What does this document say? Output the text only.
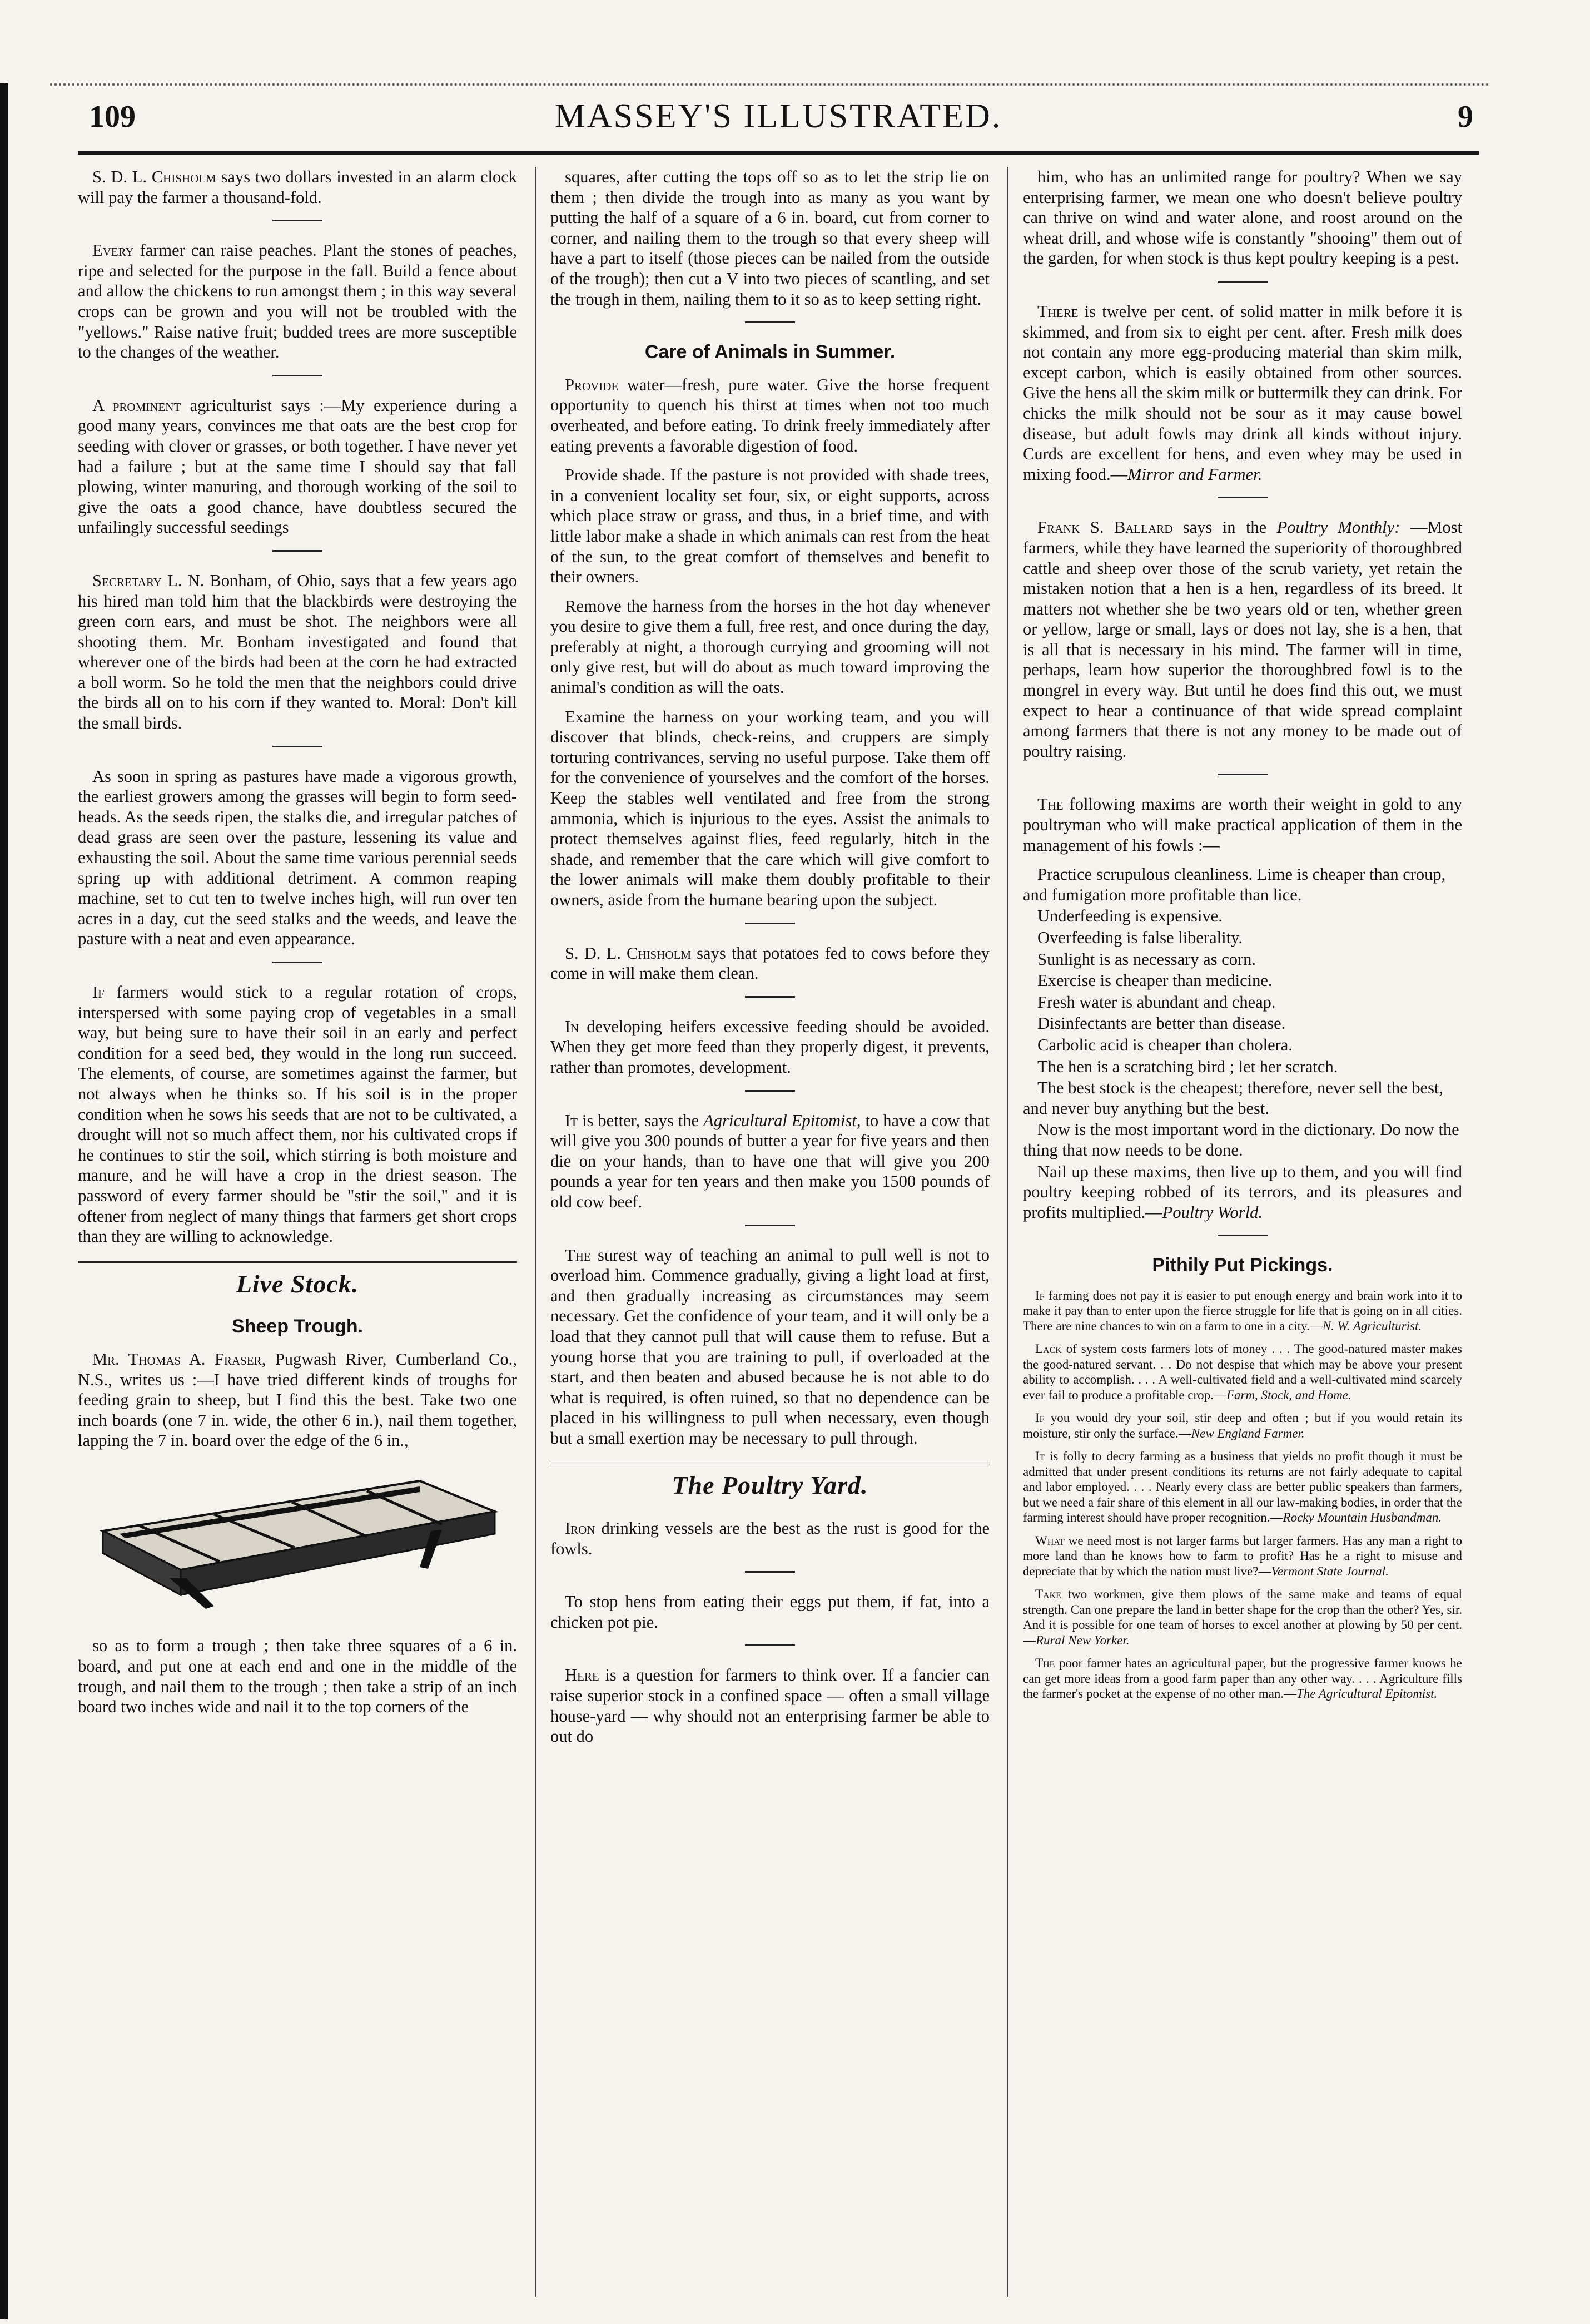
109	MASSEY'S ILLUSTRATED.	9

S. D. L. Chisholm says two dollars invested in an alarm clock will pay the farmer a thousand-fold.

Every farmer can raise peaches. Plant the stones of peaches, ripe and selected for the purpose in the fall. Build a fence about and allow the chickens to run amongst them ; in this way several crops can be grown and you will not be troubled with the "yellows." Raise native fruit; budded trees are more susceptible to the changes of the weather.

A prominent agriculturist says :—My experience during a good many years, convinces me that oats are the best crop for seeding with clover or grasses, or both together. I have never yet had a failure ; but at the same time I should say that fall plowing, winter manuring, and thorough working of the soil to give the oats a good chance, have doubtless secured the unfailingly successful seedings

Secretary L. N. Bonham, of Ohio, says that a few years ago his hired man told him that the blackbirds were destroying the green corn ears, and must be shot. The neighbors were all shooting them. Mr. Bonham investigated and found that wherever one of the birds had been at the corn he had extracted a boll worm. So he told the men that the neighbors could drive the birds all on to his corn if they wanted to. Moral: Don't kill the small birds.

As soon in spring as pastures have made a vigorous growth, the earliest growers among the grasses will begin to form seed-heads. As the seeds ripen, the stalks die, and irregular patches of dead grass are seen over the pasture, lessening its value and exhausting the soil. About the same time various perennial seeds spring up with additional detriment. A common reaping machine, set to cut ten to twelve inches high, will run over ten acres in a day, cut the seed stalks and the weeds, and leave the pasture with a neat and even appearance.

If farmers would stick to a regular rotation of crops, interspersed with some paying crop of vegetables in a small way, but being sure to have their soil in an early and perfect condition for a seed bed, they would in the long run succeed. The elements, of course, are sometimes against the farmer, but not always when he thinks so. If his soil is in the proper condition when he sows his seeds that are not to be cultivated, a drought will not so much affect them, nor his cultivated crops if he continues to stir the soil, which stirring is both moisture and manure, and he will have a crop in the driest season. The password of every farmer should be "stir the soil," and it is oftener from neglect of many things that farmers get short crops than they are willing to acknowledge.

Live Stock.
Sheep Trough.

Mr. Thomas A. Fraser, Pugwash River, Cumberland Co., N.S., writes us :—I have tried different kinds of troughs for feeding grain to sheep, but I find this the best. Take two one inch boards (one 7 in. wide, the other 6 in.), nail them together, lapping the 7 in. board over the edge of the 6 in.,

so as to form a trough ; then take three squares of a 6 in. board, and put one at each end and one in the middle of the trough, and nail them to the trough ; then take a strip of an inch board two inches wide and nail it to the top corners of the

squares, after cutting the tops off so as to let the strip lie on them ; then divide the trough into as many as you want by putting the half of a square of a 6 in. board, cut from corner to corner, and nailing them to the trough so that every sheep will have a part to itself (those pieces can be nailed from the outside of the trough); then cut a V into two pieces of scantling, and set the trough in them, nailing them to it so as to keep setting right.

Care of Animals in Summer.

Provide water—fresh, pure water. Give the horse frequent opportunity to quench his thirst at times when not too much overheated, and before eating. To drink freely immediately after eating prevents a favorable digestion of food.

Provide shade. If the pasture is not provided with shade trees, in a convenient locality set four, six, or eight supports, across which place straw or grass, and thus, in a brief time, and with little labor make a shade in which animals can rest from the heat of the sun, to the great comfort of themselves and benefit to their owners.

Remove the harness from the horses in the hot day whenever you desire to give them a full, free rest, and once during the day, preferably at night, a thorough currying and grooming will not only give rest, but will do about as much toward improving the animal's condition as will the oats.

Examine the harness on your working team, and you will discover that blinds, check-reins, and cruppers are simply torturing contrivances, serving no useful purpose. Take them off for the convenience of yourselves and the comfort of the horses. Keep the stables well ventilated and free from the strong ammonia, which is injurious to the eyes. Assist the animals to protect themselves against flies, feed regularly, hitch in the shade, and remember that the care which will give comfort to the lower animals will make them doubly profitable to their owners, aside from the humane bearing upon the subject.

S. D. L. Chisholm says that potatoes fed to cows before they come in will make them clean.

In developing heifers excessive feeding should be avoided. When they get more feed than they properly digest, it prevents, rather than promotes, development.

It is better, says the Agricultural Epitomist, to have a cow that will give you 300 pounds of butter a year for five years and then die on your hands, than to have one that will give you 200 pounds a year for ten years and then make you 1500 pounds of old cow beef.

The surest way of teaching an animal to pull well is not to overload him. Commence gradually, giving a light load at first, and then gradually increasing as circumstances may seem necessary. Get the confidence of your team, and it will only be a load that they cannot pull that will cause them to refuse. But a young horse that you are training to pull, if overloaded at the start, and then beaten and abused because he is not able to do what is required, is often ruined, so that no dependence can be placed in his willingness to pull when necessary, even though but a small exertion may be necessary to pull through.

The Poultry Yard.

Iron drinking vessels are the best as the rust is good for the fowls.

To stop hens from eating their eggs put them, if fat, into a chicken pot pie.

Here is a question for farmers to think over. If a fancier can raise superior stock in a confined space — often a small village house-yard — why should not an enterprising farmer be able to out do

him, who has an unlimited range for poultry? When we say enterprising farmer, we mean one who doesn't believe poultry can thrive on wind and water alone, and roost around on the wheat drill, and whose wife is constantly "shooing" them out of the garden, for when stock is thus kept poultry keeping is a pest.

There is twelve per cent. of solid matter in milk before it is skimmed, and from six to eight per cent. after. Fresh milk does not contain any more egg-producing material than skim milk, except carbon, which is easily obtained from other sources. Give the hens all the skim milk or buttermilk they can drink. For chicks the milk should not be sour as it may cause bowel disease, but adult fowls may drink all kinds without injury. Curds are excellent for hens, and even whey may be used in mixing food.—Mirror and Farmer.

Frank S. Ballard says in the Poultry Monthly: —Most farmers, while they have learned the superiority of thoroughbred cattle and sheep over those of the scrub variety, yet retain the mistaken notion that a hen is a hen, regardless of its breed. It matters not whether she be two years old or ten, whether green or yellow, large or small, lays or does not lay, she is a hen, that is all that is necessary in his mind. The farmer will in time, perhaps, learn how superior the thoroughbred fowl is to the mongrel in every way. But until he does find this out, we must expect to hear a continuance of that wide spread complaint among farmers that there is not any money to be made out of poultry raising.

The following maxims are worth their weight in gold to any poultryman who will make practical application of them in the management of his fowls :—

Practice scrupulous cleanliness. Lime is cheaper than croup, and fumigation more profitable than lice.

Underfeeding is expensive.

Overfeeding is false liberality.

Sunlight is as necessary as corn.

Exercise is cheaper than medicine.

Fresh water is abundant and cheap.

Disinfectants are better than disease.

Carbolic acid is cheaper than cholera.

The hen is a scratching bird ; let her scratch.

The best stock is the cheapest; therefore, never sell the best, and never buy anything but the best.

Now is the most important word in the dictionary. Do now the thing that now needs to be done.

Nail up these maxims, then live up to them, and you will find poultry keeping robbed of its terrors, and its pleasures and profits multiplied.—Poultry World.

Pithily Put Pickings.

If farming does not pay it is easier to put enough energy and brain work into it to make it pay than to enter upon the fierce struggle for life that is going on in all cities. There are nine chances to win on a farm to one in a city.—N. W. Agriculturist.

Lack of system costs farmers lots of money . . . The good-natured master makes the good-natured servant. . . Do not despise that which may be above your present ability to accomplish. . . . A well-cultivated field and a well-cultivated mind scarcely ever fail to produce a profitable crop.—Farm, Stock, and Home.

If you would dry your soil, stir deep and often ; but if you would retain its moisture, stir only the surface.—New England Farmer.

It is folly to decry farming as a business that yields no profit though it must be admitted that under present conditions its returns are not fairly adequate to capital and labor employed. . . . Nearly every class are better public speakers than farmers, but we need a fair share of this element in all our law-making bodies, in order that the farming interest should have proper recognition.—Rocky Mountain Husbandman.

What we need most is not larger farms but larger farmers. Has any man a right to more land than he knows how to farm to profit? Has he a right to misuse and depreciate that by which the nation must live?—Vermont State Journal.

Take two workmen, give them plows of the same make and teams of equal strength. Can one prepare the land in better shape for the crop than the other? Yes, sir. And it is possible for one team of horses to excel another at plowing by 50 per cent.—Rural New Yorker.

The poor farmer hates an agricultural paper, but the progressive farmer knows he can get more ideas from a good farm paper than any other way. . . . Agriculture fills the farmer's pocket at the expense of no other man.—The Agricultural Epitomist.
